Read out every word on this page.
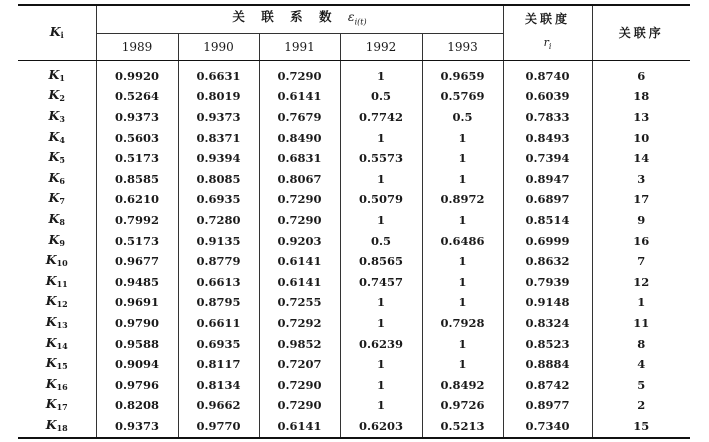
$K_i$	关 联 系 数 $\varepsilon_{i(t)}$					关联度
$r_i$	关联序
	1989	1990	1991	1992	1993		
$K_1$	0.9920	0.6631	0.7290	1	0.9659	0.8740	6
$K_2$	0.5264	0.8019	0.6141	0.5	0.5769	0.6039	18
$K_3$	0.9373	0.9373	0.7679	0.7742	0.5	0.7833	13
$K_4$	0.5603	0.8371	0.8490	1	1	0.8493	10
$K_5$	0.5173	0.9394	0.6831	0.5573	1	0.7394	14
$K_6$	0.8585	0.8085	0.8067	1	1	0.8947	3
$K_7$	0.6210	0.6935	0.7290	0.5079	0.8972	0.6897	17
$K_8$	0.7992	0.7280	0.7290	1	1	0.8514	9
$K_9$	0.5173	0.9135	0.9203	0.5	0.6486	0.6999	16
$K_{10}$	0.9677	0.8779	0.6141	0.8565	1	0.8632	7
$K_{11}$	0.9485	0.6613	0.6141	0.7457	1	0.7939	12
$K_{12}$	0.9691	0.8795	0.7255	1	1	0.9148	1
$K_{13}$	0.9790	0.6611	0.7292	1	0.7928	0.8324	11
$K_{14}$	0.9588	0.6935	0.9852	0.6239	1	0.8523	8
$K_{15}$	0.9094	0.8117	0.7207	1	1	0.8884	4
$K_{16}$	0.9796	0.8134	0.7290	1	0.8492	0.8742	5
$K_{17}$	0.8208	0.9662	0.7290	1	0.9726	0.8977	2
$K_{18}$	0.9373	0.9770	0.6141	0.6203	0.5213	0.7340	15
